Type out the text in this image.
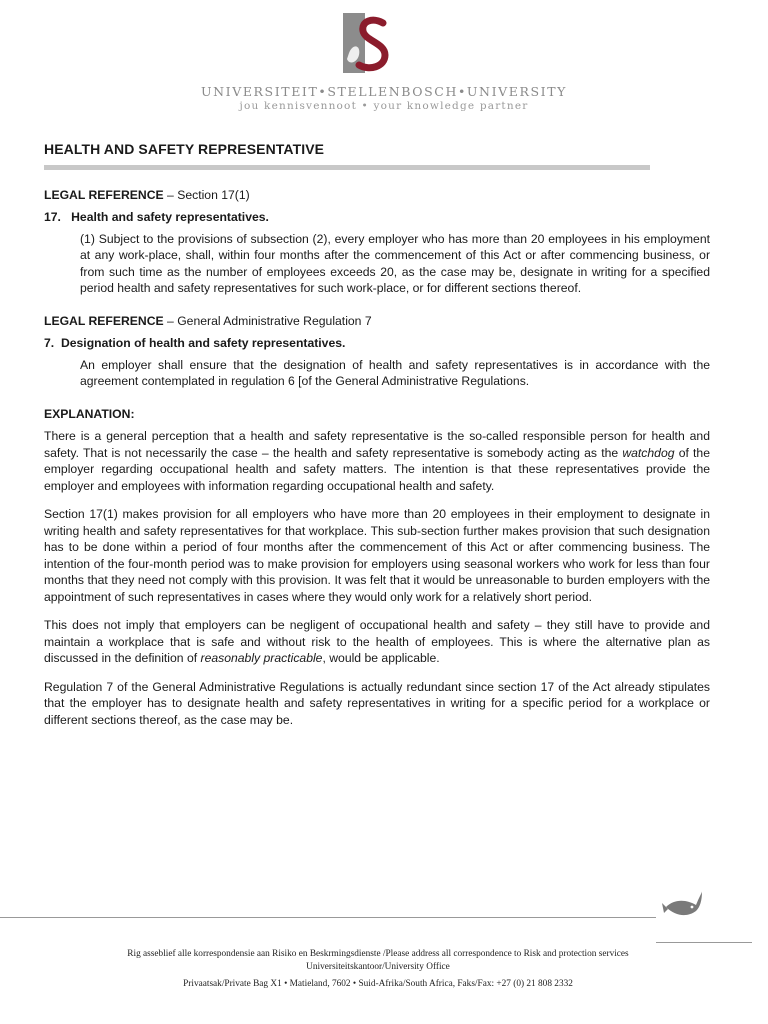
UNIVERSITEIT•STELLENBOSCH•UNIVERSITY
jou kennisvennoot • your knowledge partner
HEALTH AND SAFETY REPRESENTATIVE
LEGAL REFERENCE – Section 17(1)
17. Health and safety representatives.
(1) Subject to the provisions of subsection (2), every employer who has more than 20 employees in his employment at any work-place, shall, within four months after the commencement of this Act or after commencing business, or from such time as the number of employees exceeds 20, as the case may be, designate in writing for a specified period health and safety representatives for such work-place, or for different sections thereof.
LEGAL REFERENCE – General Administrative Regulation 7
7. Designation of health and safety representatives.
An employer shall ensure that the designation of health and safety representatives is in accordance with the agreement contemplated in regulation 6 [of the General Administrative Regulations.
EXPLANATION:

There is a general perception that a health and safety representative is the so-called responsible person for health and safety. That is not necessarily the case – the health and safety representative is somebody acting as the watchdog of the employer regarding occupational health and safety matters. The intention is that these representatives provide the employer and employees with information regarding occupational health and safety.

Section 17(1) makes provision for all employers who have more than 20 employees in their employment to designate in writing health and safety representatives for that workplace. This sub-section further makes provision that such designation has to be done within a period of four months after the commencement of this Act or after commencing business. The intention of the four-month period was to make provision for employers using seasonal workers who work for less than four months that they need not comply with this provision. It was felt that it would be unreasonable to burden employers with the appointment of such representatives in cases where they would only work for a relatively short period.

This does not imply that employers can be negligent of occupational health and safety – they still have to provide and maintain a workplace that is safe and without risk to the health of employees. This is where the alternative plan as discussed in the definition of reasonably practicable, would be applicable.

Regulation 7 of the General Administrative Regulations is actually redundant since section 17 of the Act already stipulates that the employer has to designate health and safety representatives in writing for a specific period for a workplace or different sections thereof, as the case may be.

Rig asseblief alle korrespondensie aan Risiko en Beskrmingsdienste /Please address all correspondence to Risk and protection services
Universiteitskantoor/University Office
Privaatsak/Private Bag X1 • Matieland, 7602 • Suid-Afrika/South Africa, Faks/Fax: +27 (0) 21 808 2332
